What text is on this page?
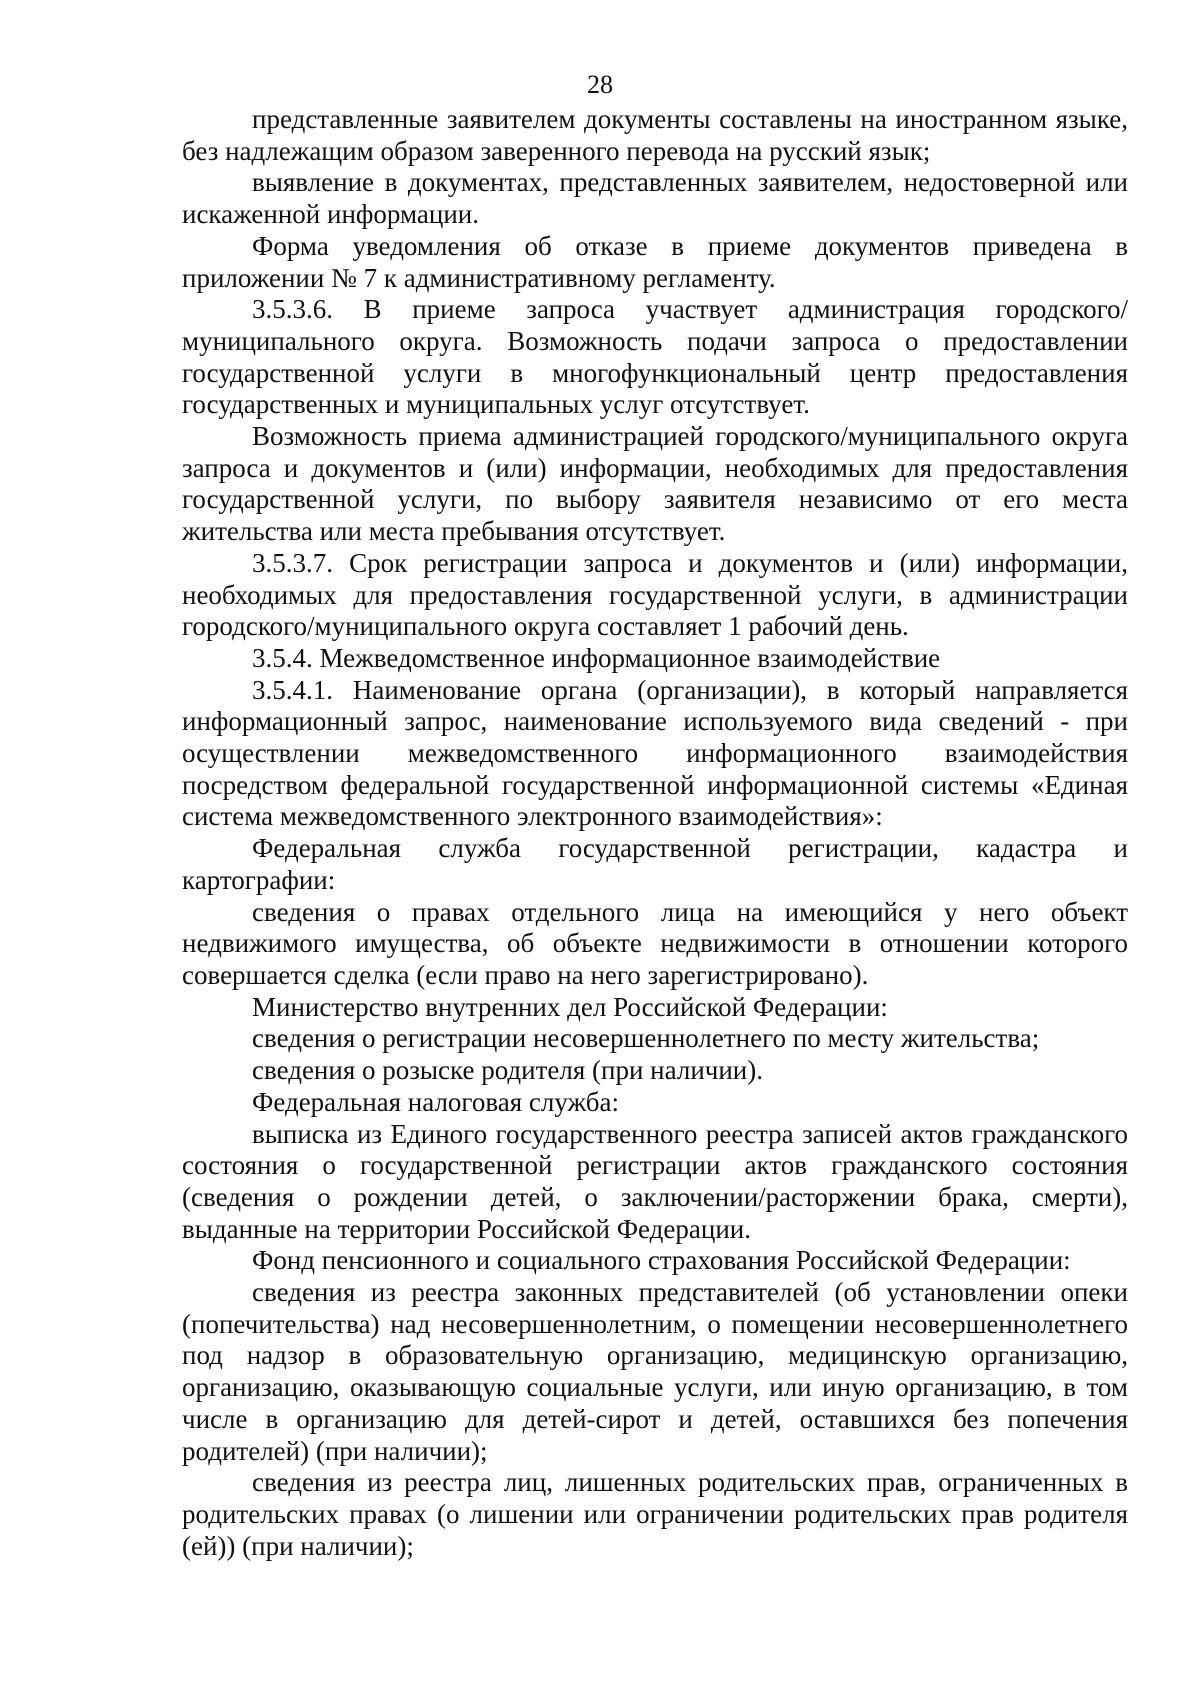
28

представленные заявителем документы составлены на иностранном языке, без надлежащим образом заверенного перевода на русский язык;

выявление в документах, представленных заявителем, недостоверной или искаженной информации.

Форма уведомления об отказе в приеме документов приведена в приложении № 7 к административному регламенту.

3.5.3.6. В приеме запроса участвует администрация городского/муниципального округа. Возможность подачи запроса о предоставлении государственной услуги в многофункциональный центр предоставления государственных и муниципальных услуг отсутствует.

Возможность приема администрацией городского/муниципального округа запроса и документов и (или) информации, необходимых для предоставления государственной услуги, по выбору заявителя независимо от его места жительства или места пребывания отсутствует.

3.5.3.7. Срок регистрации запроса и документов и (или) информации, необходимых для предоставления государственной услуги, в администрации городского/муниципального округа составляет 1 рабочий день.

3.5.4. Межведомственное информационное взаимодействие

3.5.4.1. Наименование органа (организации), в который направляется информационный запрос, наименование используемого вида сведений - при осуществлении межведомственного информационного взаимодействия посредством федеральной государственной информационной системы «Единая система межведомственного электронного взаимодействия»:

Федеральная служба государственной регистрации, кадастра и картографии:

сведения о правах отдельного лица на имеющийся у него объект недвижимого имущества, об объекте недвижимости в отношении которого совершается сделка (если право на него зарегистрировано).

Министерство внутренних дел Российской Федерации:

сведения о регистрации несовершеннолетнего по месту жительства;

сведения о розыске родителя (при наличии).

Федеральная налоговая служба:

выписка из Единого государственного реестра записей актов гражданского состояния о государственной регистрации актов гражданского состояния (сведения о рождении детей, о заключении/расторжении брака, смерти), выданные на территории Российской Федерации.

Фонд пенсионного и социального страхования Российской Федерации:

сведения из реестра законных представителей (об установлении опеки (попечительства) над несовершеннолетним, о помещении несовершеннолетнего под надзор в образовательную организацию, медицинскую организацию, организацию, оказывающую социальные услуги, или иную организацию, в том числе в организацию для детей-сирот и детей, оставшихся без попечения родителей) (при наличии);

сведения из реестра лиц, лишенных родительских прав, ограниченных в родительских правах (о лишении или ограничении родительских прав родителя (ей)) (при наличии);
